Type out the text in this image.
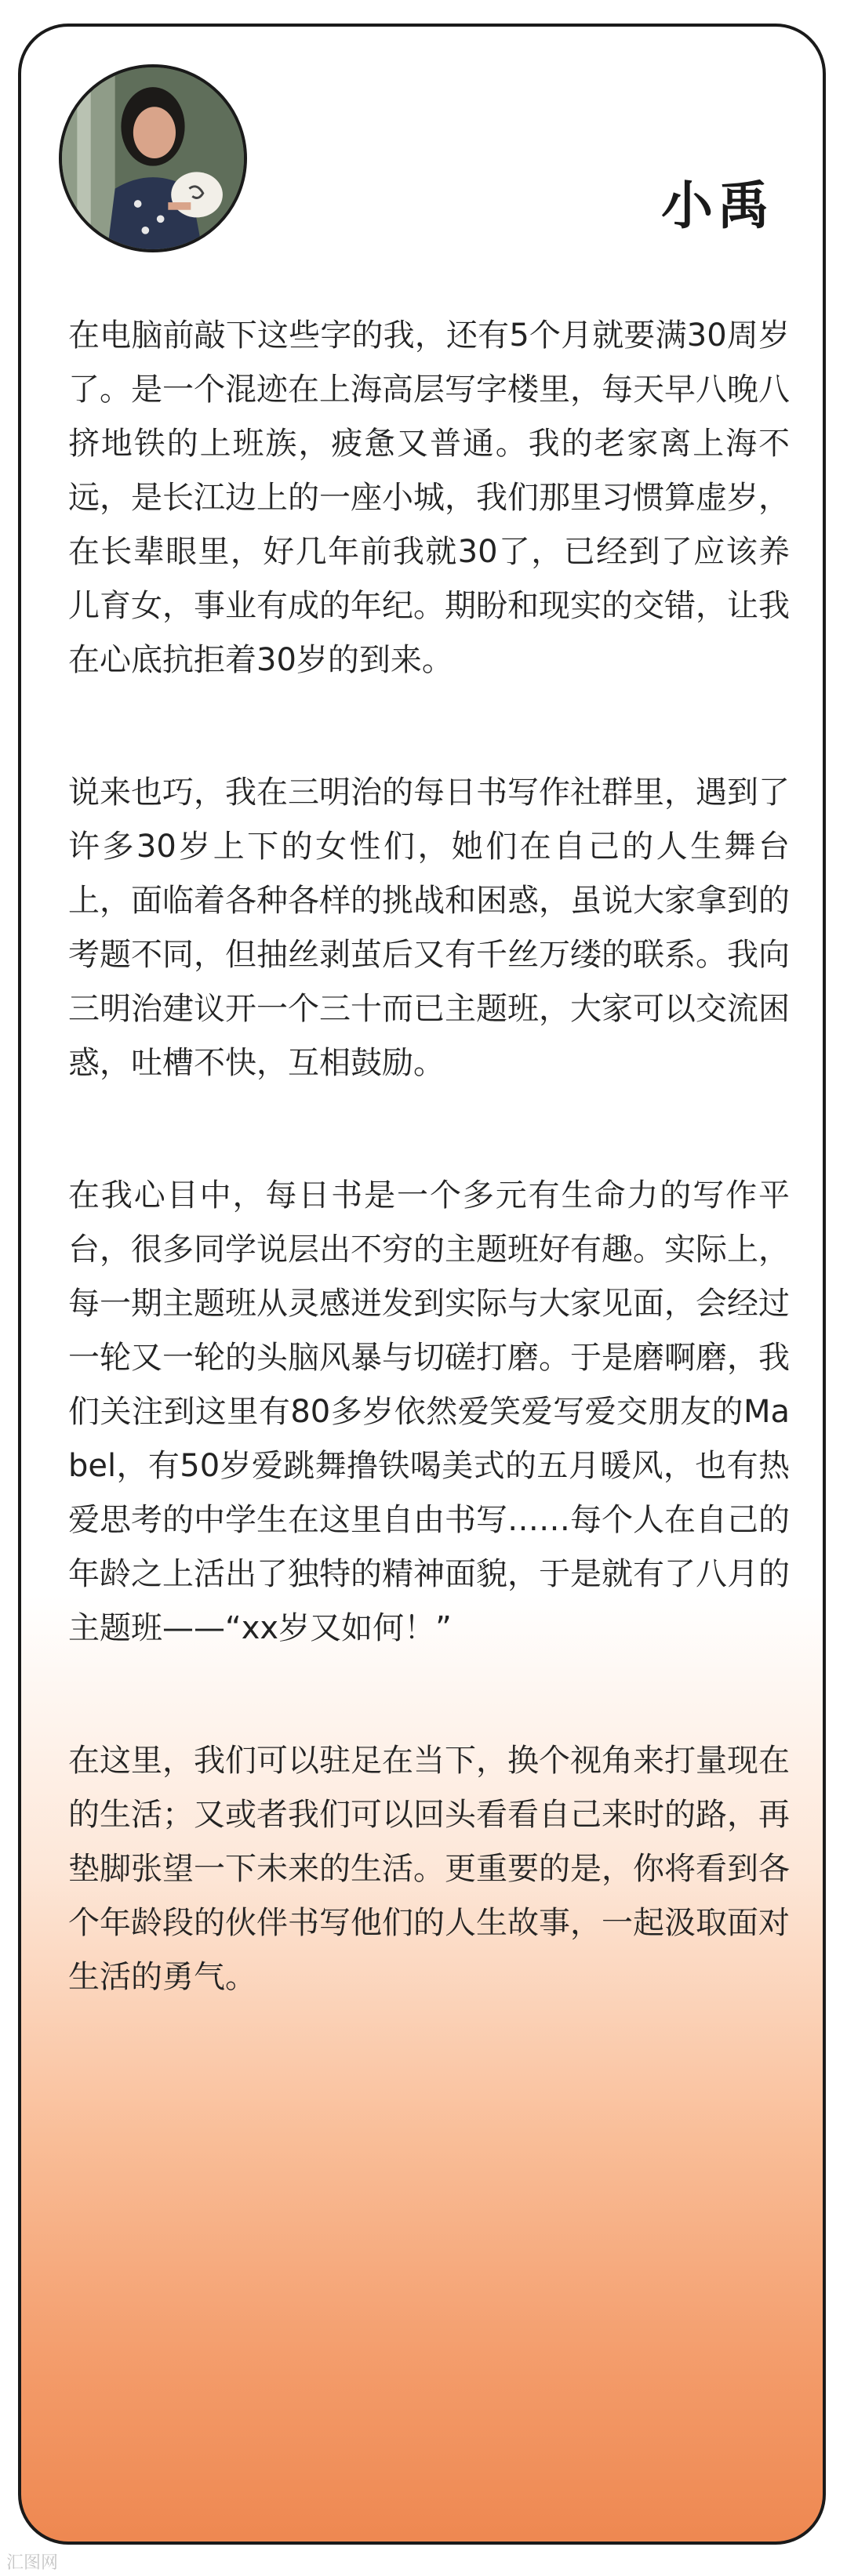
小禹

在电脑前敲下这些字的我，还有5个月就要满30周岁了。是一个混迹在上海高层写字楼里，每天早八晚八挤地铁的上班族，疲惫又普通。我的老家离上海不远，是长江边上的一座小城，我们那里习惯算虚岁，在长辈眼里，好几年前我就30了，已经到了应该养儿育女，事业有成的年纪。期盼和现实的交错，让我在心底抗拒着30岁的到来。

说来也巧，我在三明治的每日书写作社群里，遇到了许多30岁上下的女性们，她们在自己的人生舞台上，面临着各种各样的挑战和困惑，虽说大家拿到的考题不同，但抽丝剥茧后又有千丝万缕的联系。我向三明治建议开一个三十而已主题班，大家可以交流困惑，吐槽不快，互相鼓励。

在我心目中，每日书是一个多元有生命力的写作平台，很多同学说层出不穷的主题班好有趣。实际上，每一期主题班从灵感迸发到实际与大家见面，会经过一轮又一轮的头脑风暴与切磋打磨。于是磨啊磨，我们关注到这里有80多岁依然爱笑爱写爱交朋友的Mabel，有50岁爱跳舞撸铁喝美式的五月暖风，也有热爱思考的中学生在这里自由书写……每个人在自己的年龄之上活出了独特的精神面貌，于是就有了八月的主题班——“xx岁又如何！”

在这里，我们可以驻足在当下，换个视角来打量现在的生活；又或者我们可以回头看看自己来时的路，再垫脚张望一下未来的生活。更重要的是，你将看到各个年龄段的伙伴书写他们的人生故事，一起汲取面对生活的勇气。

汇图网
